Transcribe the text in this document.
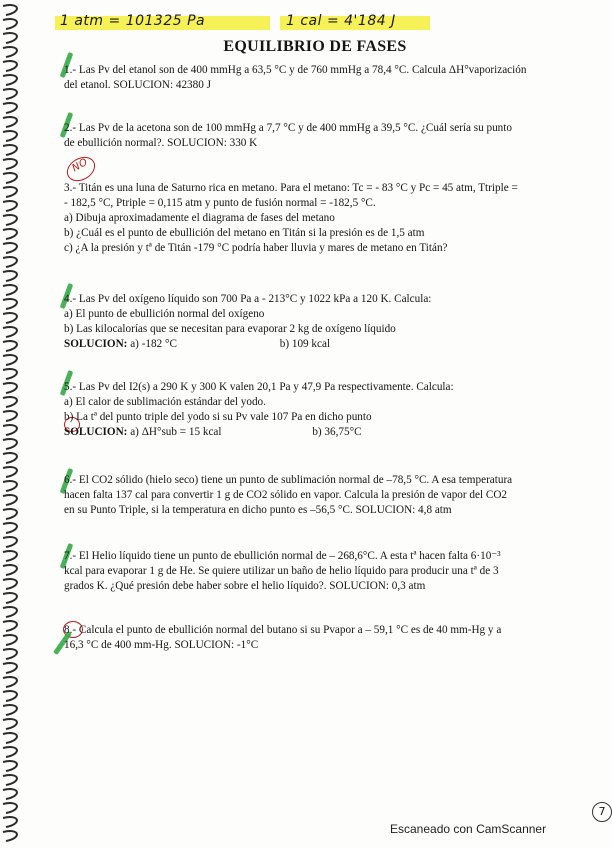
1 atm = 101325 Pa	1 cal = 4'184 J
EQUILIBRIO DE FASES
1.- Las Pv del etanol son de 400 mmHg a 63,5 °C y de 760 mmHg a 78,4 °C. Calcula ΔH°vaporización
del etanol. SOLUCION: 42380 J
2.- Las Pv de la acetona son de 100 mmHg a 7,7 °C y de 400 mmHg a 39,5 °C. ¿Cuál sería su punto
de ebullición normal?. SOLUCION: 330 K
NO
3.- Titán es una luna de Saturno rica en metano. Para el metano: Tc = - 83 °C y Pc = 45 atm, Ttriple =
- 182,5 °C, Ptriple = 0,115 atm y punto de fusión normal = -182,5 °C.
a) Dibuja aproximadamente el diagrama de fases del metano
b) ¿Cuál es el punto de ebullición del metano en Titán si la presión es de 1,5 atm
c) ¿A la presión y tª de Titán -179 °C podría haber lluvia y mares de metano en Titán?
4.- Las Pv del oxígeno líquido son 700 Pa a - 213°C y 1022 kPa a 120 K. Calcula:
a) El punto de ebullición normal del oxígeno
b) Las kilocalorías que se necesitan para evaporar 2 kg de oxígeno líquido
SOLUCION: a) -182 °C	b) 109 kcal
5.- Las Pv del I2(s) a 290 K y 300 K valen 20,1 Pa y 47,9 Pa respectivamente. Calcula:
a) El calor de sublimación estándar del yodo.
b) La tª del punto triple del yodo si su Pv vale 107 Pa en dicho punto
SOLUCION: a) ΔH°sub = 15 kcal	b) 36,75°C
6.- El CO2 sólido (hielo seco) tiene un punto de sublimación normal de –78,5 °C. A esa temperatura
hacen falta 137 cal para convertir 1 g de CO2 sólido en vapor. Calcula la presión de vapor del CO2
en su Punto Triple, si la temperatura en dicho punto es –56,5 °C. SOLUCION: 4,8 atm
7.- El Helio líquido tiene un punto de ebullición normal de – 268,6°C. A esta tª hacen falta 6·10⁻³
kcal para evaporar 1 g de He. Se quiere utilizar un baño de helio líquido para producir una tª de 3
grados K. ¿Qué presión debe haber sobre el helio líquido?. SOLUCION: 0,3 atm
8.- Calcula el punto de ebullición normal del butano si su Pvapor a – 59,1 °C es de 40 mm-Hg y a
16,3 °C de 400 mm-Hg. SOLUCION: -1°C
7
Escaneado con CamScanner
